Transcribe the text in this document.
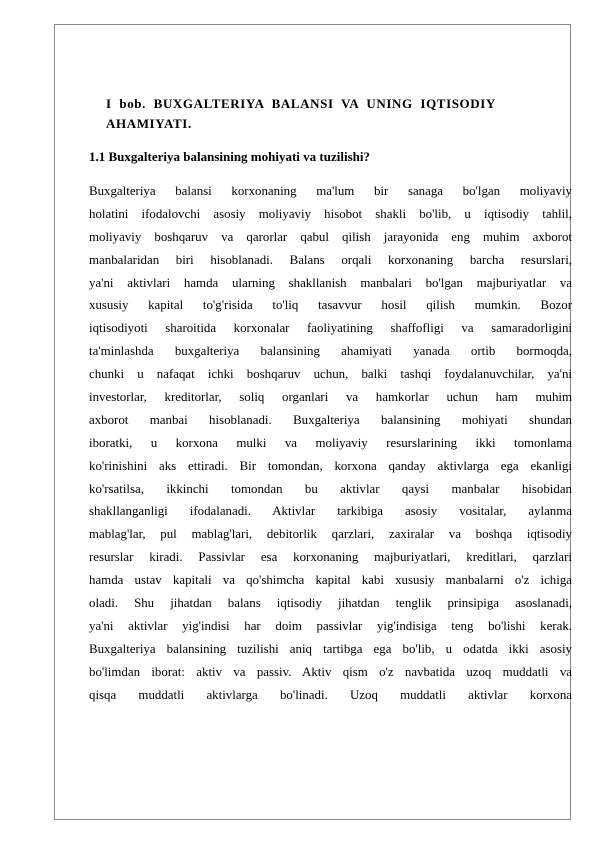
I  bob.  BUXGALTERIYA  BALANSI  VA  UNING  IQTISODIY
AHAMIYATI.
1.1 Buxgalteriya balansining mohiyati va tuzilishi?
Buxgalteriya balansi korxonaning ma'lum bir sanaga bo'lgan moliyaviy
holatini ifodalovchi asosiy moliyaviy hisobot shakli bo'lib, u iqtisodiy tahlil,
moliyaviy boshqaruv va qarorlar qabul qilish jarayonida eng muhim axborot
manbalaridan biri hisoblanadi. Balans orqali korxonaning barcha resurslari,
ya'ni aktivlari hamda ularning shakllanish manbalari bo'lgan majburiyatlar va
xususiy kapital to'g'risida to'liq tasavvur hosil qilish mumkin. Bozor
iqtisodiyoti sharoitida korxonalar faoliyatining shaffofligi va samaradorligini
ta'minlashda buxgalteriya balansining ahamiyati yanada ortib bormoqda,
chunki u nafaqat ichki boshqaruv uchun, balki tashqi foydalanuvchilar, ya'ni
investorlar, kreditorlar, soliq organlari va hamkorlar uchun ham muhim
axborot manbai hisoblanadi. Buxgalteriya balansining mohiyati shundan
iboratki, u korxona mulki va moliyaviy resurslarining ikki tomonlama
ko'rinishini aks ettiradi. Bir tomondan, korxona qanday aktivlarga ega ekanligi
ko'rsatilsa, ikkinchi tomondan bu aktivlar qaysi manbalar hisobidan
shakllanganligi ifodalanadi. Aktivlar tarkibiga asosiy vositalar, aylanma
mablag'lar, pul mablag'lari, debitorlik qarzlari, zaxiralar va boshqa iqtisodiy
resurslar kiradi. Passivlar esa korxonaning majburiyatlari, kreditlari, qarzlari
hamda ustav kapitali va qo'shimcha kapital kabi xususiy manbalarni o'z ichiga
oladi. Shu jihatdan balans iqtisodiy jihatdan tenglik prinsipiga asoslanadi,
ya'ni aktivlar yig'indisi har doim passivlar yig'indisiga teng bo'lishi kerak.
Buxgalteriya balansining tuzilishi aniq tartibga ega bo'lib, u odatda ikki asosiy
bo'limdan iborat: aktiv va passiv. Aktiv qism o'z navbatida uzoq muddatli va
qisqa muddatli aktivlarga bo'linadi. Uzoq muddatli aktivlar korxona
